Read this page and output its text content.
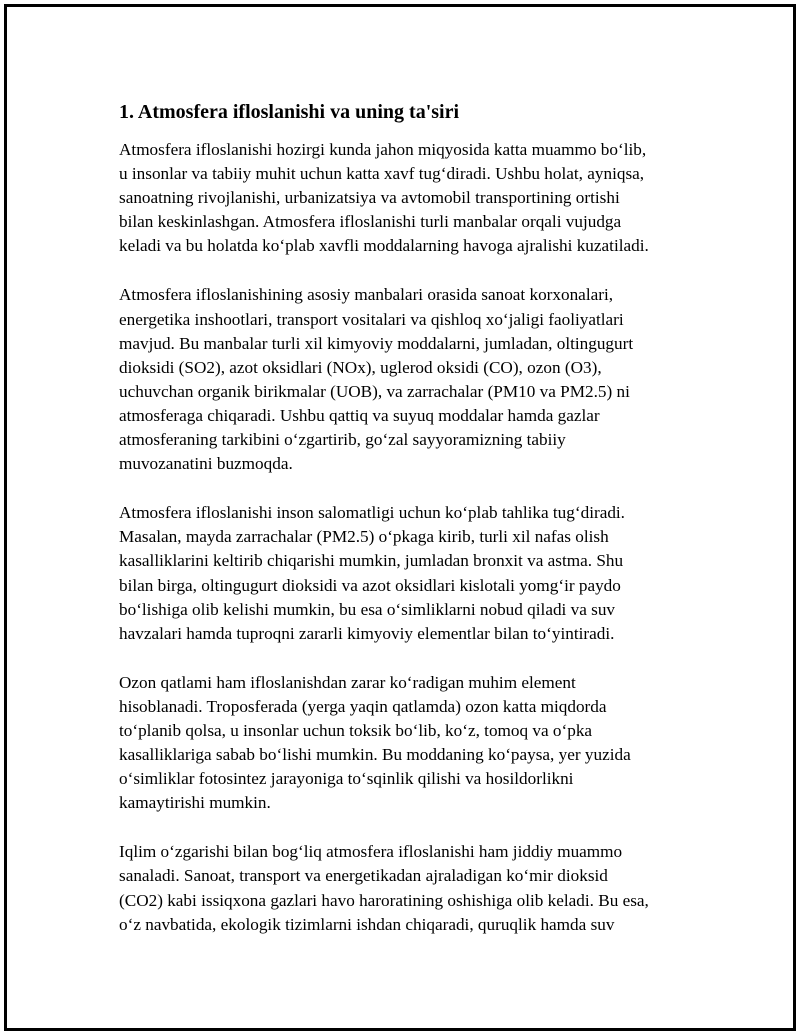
1. Atmosfera ifloslanishi va uning ta'siri

Atmosfera ifloslanishi hozirgi kunda jahon miqyosida katta muammo boʻlib,
u insonlar va tabiiy muhit uchun katta xavf tugʻdiradi. Ushbu holat, ayniqsa,
sanoatning rivojlanishi, urbanizatsiya va avtomobil transportining ortishi
bilan keskinlashgan. Atmosfera ifloslanishi turli manbalar orqali vujudga
keladi va bu holatda koʻplab xavfli moddalarning havoga ajralishi kuzatiladi.

Atmosfera ifloslanishining asosiy manbalari orasida sanoat korxonalari,
energetika inshootlari, transport vositalari va qishloq xoʻjaligi faoliyatlari
mavjud. Bu manbalar turli xil kimyoviy moddalarni, jumladan, oltingugurt
dioksidi (SO2), azot oksidlari (NOx), uglerod oksidi (CO), ozon (O3),
uchuvchan organik birikmalar (UOB), va zarrachalar (PM10 va PM2.5) ni
atmosferaga chiqaradi. Ushbu qattiq va suyuq moddalar hamda gazlar
atmosferaning tarkibini oʻzgartirib, goʻzal sayyoramizning tabiiy
muvozanatini buzmoqda.

Atmosfera ifloslanishi inson salomatligi uchun koʻplab tahlika tugʻdiradi.
Masalan, mayda zarrachalar (PM2.5) oʻpkaga kirib, turli xil nafas olish
kasalliklarini keltirib chiqarishi mumkin, jumladan bronxit va astma. Shu
bilan birga, oltingugurt dioksidi va azot oksidlari kislotali yomgʻir paydo
boʻlishiga olib kelishi mumkin, bu esa oʻsimliklarni nobud qiladi va suv
havzalari hamda tuproqni zararli kimyoviy elementlar bilan toʻyintiradi.

Ozon qatlami ham ifloslanishdan zarar koʻradigan muhim element
hisoblanadi. Troposferada (yerga yaqin qatlamda) ozon katta miqdorda
toʻplanib qolsa, u insonlar uchun toksik boʻlib, koʻz, tomoq va oʻpka
kasalliklariga sabab boʻlishi mumkin. Bu moddaning koʻpaysa, yer yuzida
oʻsimliklar fotosintez jarayoniga toʻsqinlik qilishi va hosildorlikni
kamaytirishi mumkin.

Iqlim oʻzgarishi bilan bogʻliq atmosfera ifloslanishi ham jiddiy muammo
sanaladi. Sanoat, transport va energetikadan ajraladigan koʻmir dioksid
(CO2) kabi issiqxona gazlari havo haroratining oshishiga olib keladi. Bu esa,
oʻz navbatida, ekologik tizimlarni ishdan chiqaradi, quruqlik hamda suv
